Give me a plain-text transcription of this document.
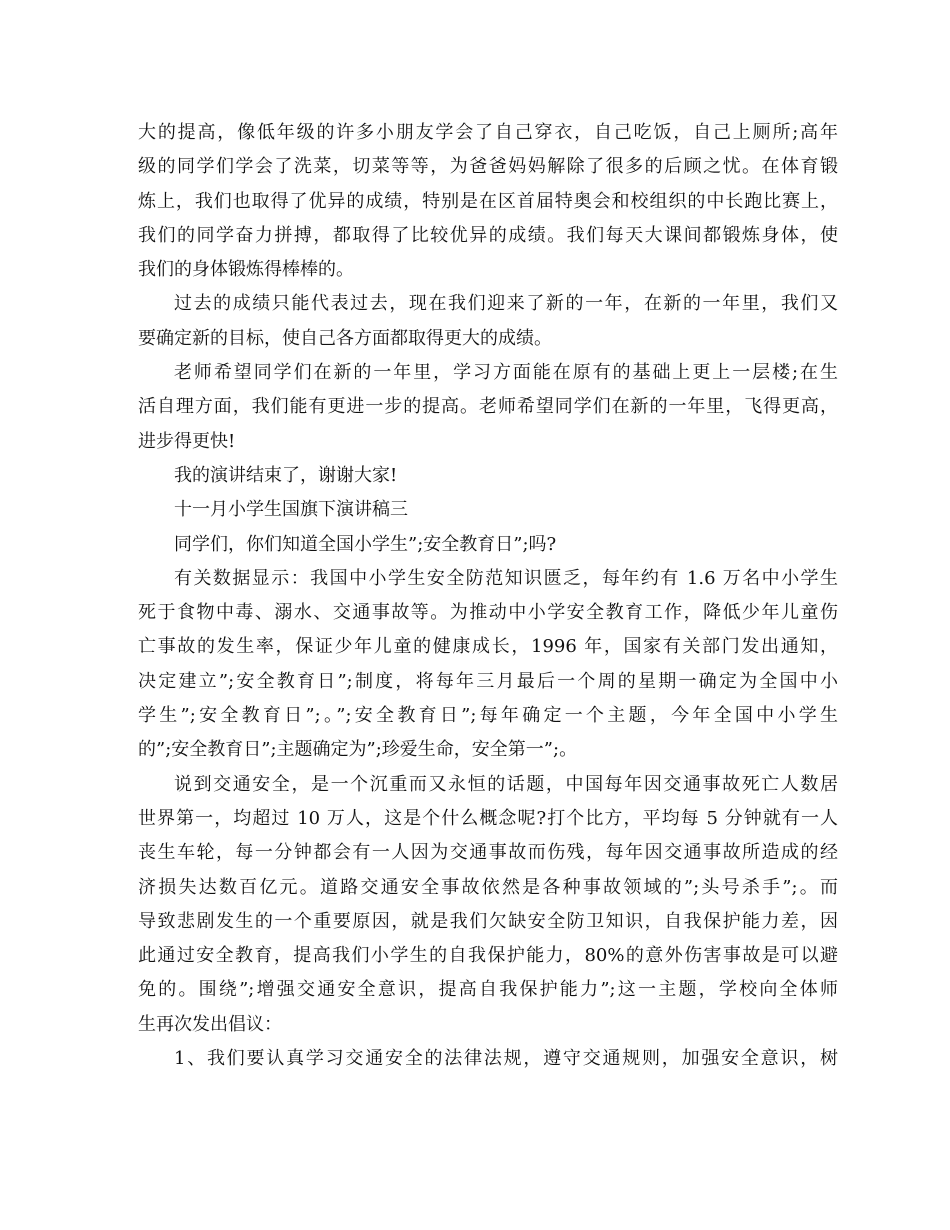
大的提高，像低年级的许多小朋友学会了自己穿衣，自己吃饭，自己上厕所;高年
级的同学们学会了洗菜，切菜等等，为爸爸妈妈解除了很多的后顾之忧。在体育锻
炼上，我们也取得了优异的成绩，特别是在区首届特奥会和校组织的中长跑比赛上，
我们的同学奋力拼搏，都取得了比较优异的成绩。我们每天大课间都锻炼身体，使
我们的身体锻炼得棒棒的。
过去的成绩只能代表过去，现在我们迎来了新的一年，在新的一年里，我们又
要确定新的目标，使自己各方面都取得更大的成绩。
老师希望同学们在新的一年里，学习方面能在原有的基础上更上一层楼;在生
活自理方面，我们能有更进一步的提高。老师希望同学们在新的一年里，飞得更高，
进步得更快!
我的演讲结束了，谢谢大家!
十一月小学生国旗下演讲稿三
同学们，你们知道全国小学生”;安全教育日”;吗?
有关数据显示：我国中小学生安全防范知识匮乏，每年约有 1.6 万名中小学生
死于食物中毒、溺水、交通事故等。为推动中小学安全教育工作，降低少年儿童伤
亡事故的发生率，保证少年儿童的健康成长，1996 年，国家有关部门发出通知，
决定建立”;安全教育日”;制度，将每年三月最后一个周的星期一确定为全国中小
学生”;安全教育日”;。”;安全教育日”;每年确定一个主题，今年全国中小学生
的”;安全教育日”;主题确定为”;珍爱生命，安全第一”;。
说到交通安全，是一个沉重而又永恒的话题，中国每年因交通事故死亡人数居
世界第一，均超过 10 万人，这是个什么概念呢?打个比方，平均每 5 分钟就有一人
丧生车轮，每一分钟都会有一人因为交通事故而伤残，每年因交通事故所造成的经
济损失达数百亿元。道路交通安全事故依然是各种事故领域的”;头号杀手”;。而
导致悲剧发生的一个重要原因，就是我们欠缺安全防卫知识，自我保护能力差，因
此通过安全教育，提高我们小学生的自我保护能力，80%的意外伤害事故是可以避
免的。围绕”;增强交通安全意识，提高自我保护能力”;这一主题，学校向全体师
生再次发出倡议：
1、我们要认真学习交通安全的法律法规，遵守交通规则，加强安全意识，树
